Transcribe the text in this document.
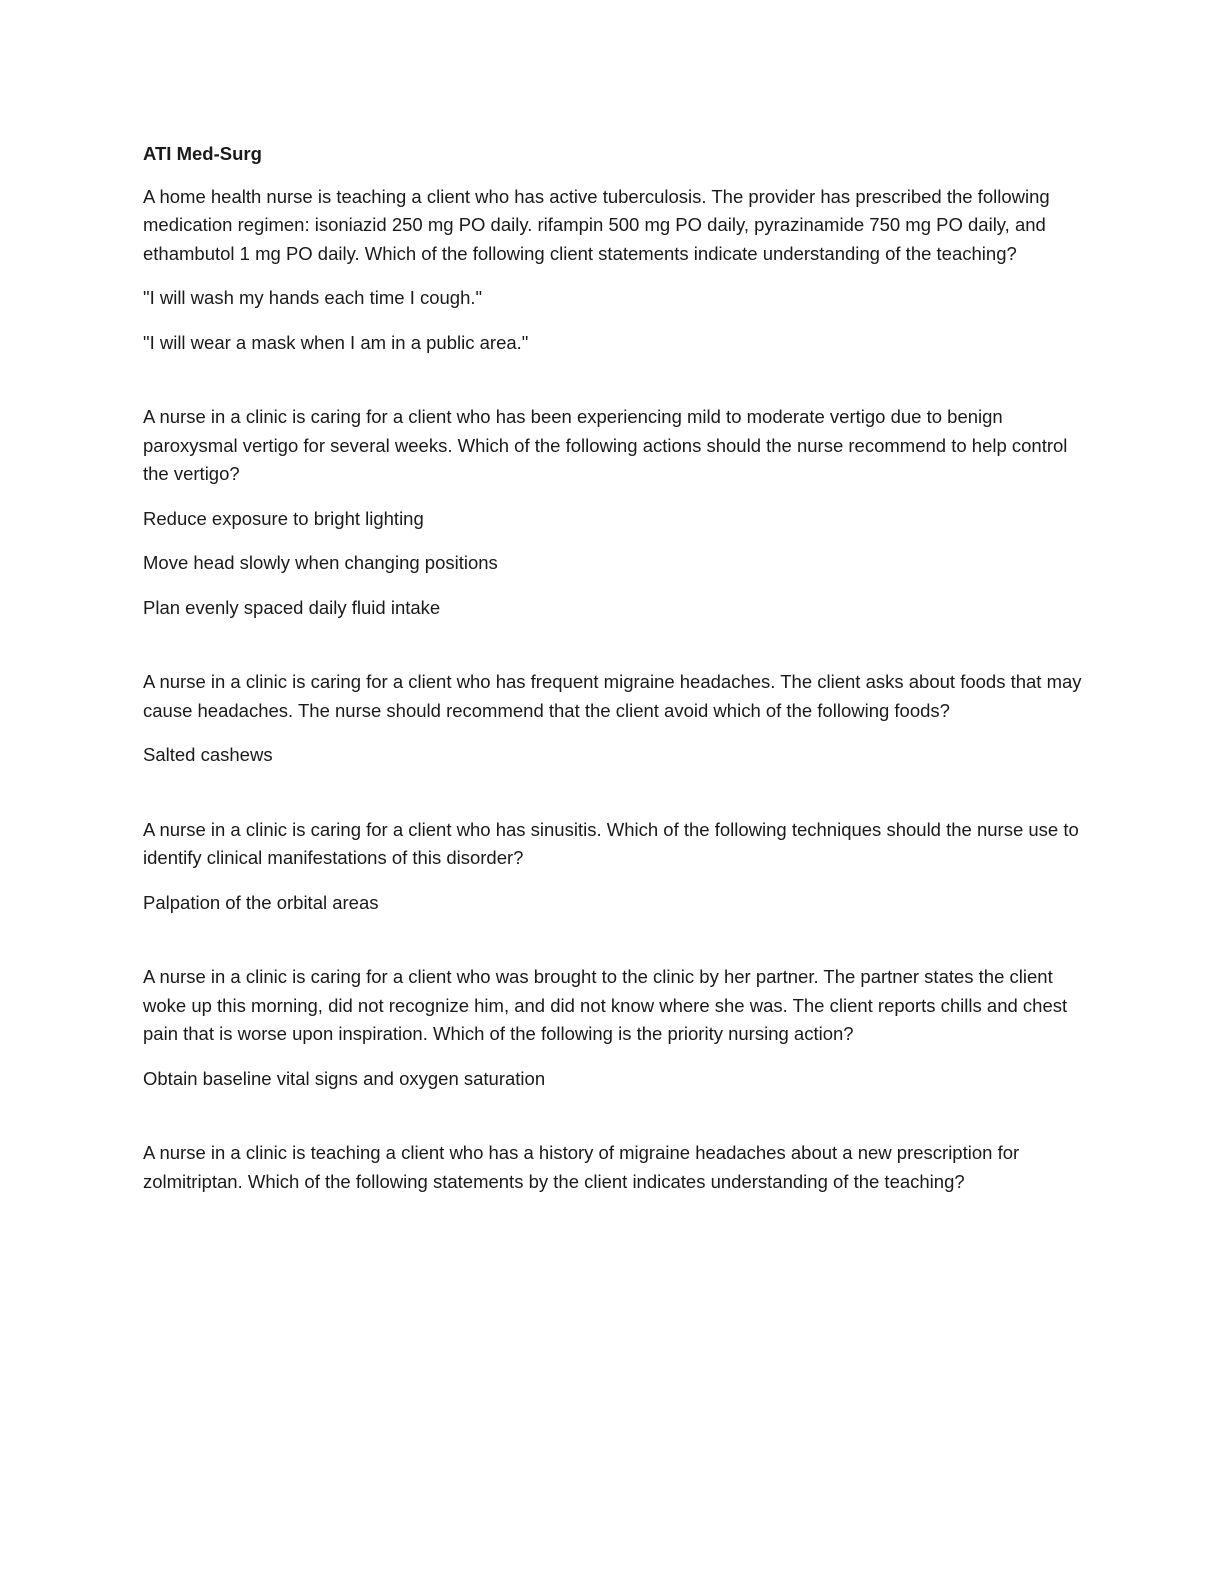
ATI Med-Surg

A home health nurse is teaching a client who has active tuberculosis. The provider has prescribed the following medication regimen: isoniazid 250 mg PO daily. rifampin 500 mg PO daily, pyrazinamide 750 mg PO daily, and ethambutol 1 mg PO daily. Which of the following client statements indicate understanding of the teaching?

"I will wash my hands each time I cough."

"I will wear a mask when I am in a public area."

A nurse in a clinic is caring for a client who has been experiencing mild to moderate vertigo due to benign paroxysmal vertigo for several weeks. Which of the following actions should the nurse recommend to help control the vertigo?

Reduce exposure to bright lighting

Move head slowly when changing positions

Plan evenly spaced daily fluid intake

A nurse in a clinic is caring for a client who has frequent migraine headaches. The client asks about foods that may cause headaches. The nurse should recommend that the client avoid which of the following foods?

Salted cashews

A nurse in a clinic is caring for a client who has sinusitis. Which of the following techniques should the nurse use to identify clinical manifestations of this disorder?

Palpation of the orbital areas

A nurse in a clinic is caring for a client who was brought to the clinic by her partner. The partner states the client woke up this morning, did not recognize him, and did not know where she was. The client reports chills and chest pain that is worse upon inspiration. Which of the following is the priority nursing action?

Obtain baseline vital signs and oxygen saturation

A nurse in a clinic is teaching a client who has a history of migraine headaches about a new prescription for zolmitriptan. Which of the following statements by the client indicates understanding of the teaching?
